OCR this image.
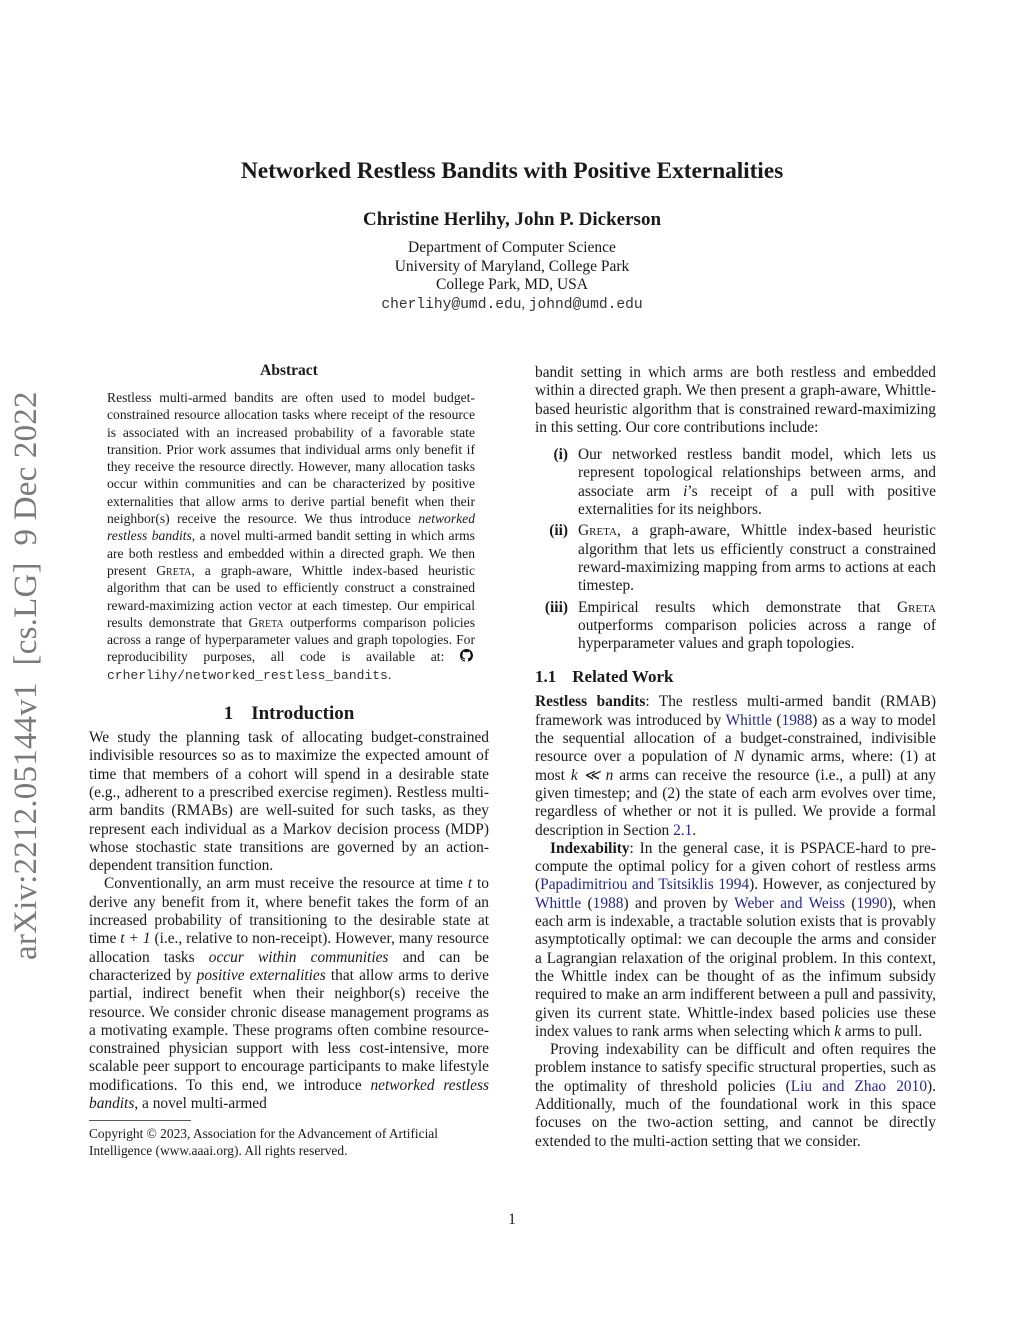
arXiv:2212.05144v1  [cs.LG]  9 Dec 2022
Networked Restless Bandits with Positive Externalities
Christine Herlihy, John P. Dickerson
Department of Computer Science
University of Maryland, College Park
College Park, MD, USA
cherlihy@umd.edu, johnd@umd.edu
Abstract

Restless multi-armed bandits are often used to model budget-constrained resource allocation tasks where receipt of the resource is associated with an increased probability of a favorable state transition. Prior work assumes that individual arms only benefit if they receive the resource directly. However, many allocation tasks occur within communities and can be characterized by positive externalities that allow arms to derive partial benefit when their neighbor(s) receive the resource. We thus introduce networked restless bandits, a novel multi-armed bandit setting in which arms are both restless and embedded within a directed graph. We then present Greta, a graph-aware, Whittle index-based heuristic algorithm that can be used to efficiently construct a constrained reward-maximizing action vector at each timestep. Our empirical results demonstrate that Greta outperforms comparison policies across a range of hyperparameter values and graph topologies. For reproducibility purposes, all code is available at: crherlihy/networked_restless_bandits.

1 Introduction

We study the planning task of allocating budget-constrained indivisible resources so as to maximize the expected amount of time that members of a cohort will spend in a desirable state (e.g., adherent to a prescribed exercise regimen). Restless multi-arm bandits (RMABs) are well-suited for such tasks, as they represent each individual as a Markov decision process (MDP) whose stochastic state transitions are governed by an action-dependent transition function.

Conventionally, an arm must receive the resource at time t to derive any benefit from it, where benefit takes the form of an increased probability of transitioning to the desirable state at time t + 1 (i.e., relative to non-receipt). However, many resource allocation tasks occur within communities and can be characterized by positive externalities that allow arms to derive partial, indirect benefit when their neighbor(s) receive the resource. We consider chronic disease management programs as a motivating example. These programs often combine resource-constrained physician support with less cost-intensive, more scalable peer support to encourage participants to make lifestyle modifications. To this end, we introduce networked restless bandits, a novel multi-armed

Copyright © 2023, Association for the Advancement of Artificial Intelligence (www.aaai.org). All rights reserved.

bandit setting in which arms are both restless and embedded within a directed graph. We then present a graph-aware, Whittle-based heuristic algorithm that is constrained reward-maximizing in this setting. Our core contributions include:

(i) Our networked restless bandit model, which lets us represent topological relationships between arms, and associate arm i’s receipt of a pull with positive externalities for its neighbors.
(ii) Greta, a graph-aware, Whittle index-based heuristic algorithm that lets us efficiently construct a constrained reward-maximizing mapping from arms to actions at each timestep.
(iii) Empirical results which demonstrate that Greta outperforms comparison policies across a range of hyperparameter values and graph topologies.
1.1 Related Work

Restless bandits: The restless multi-armed bandit (RMAB) framework was introduced by Whittle (1988) as a way to model the sequential allocation of a budget-constrained, indivisible resource over a population of N dynamic arms, where: (1) at most k ≪ n arms can receive the resource (i.e., a pull) at any given timestep; and (2) the state of each arm evolves over time, regardless of whether or not it is pulled. We provide a formal description in Section 2.1.

Indexability: In the general case, it is PSPACE-hard to pre-compute the optimal policy for a given cohort of restless arms (Papadimitriou and Tsitsiklis 1994). However, as conjectured by Whittle (1988) and proven by Weber and Weiss (1990), when each arm is indexable, a tractable solution exists that is provably asymptotically optimal: we can decouple the arms and consider a Lagrangian relaxation of the original problem. In this context, the Whittle index can be thought of as the infimum subsidy required to make an arm indifferent between a pull and passivity, given its current state. Whittle-index based policies use these index values to rank arms when selecting which k arms to pull.

Proving indexability can be difficult and often requires the problem instance to satisfy specific structural properties, such as the optimality of threshold policies (Liu and Zhao 2010). Additionally, much of the foundational work in this space focuses on the two-action setting, and cannot be directly extended to the multi-action setting that we consider.

1
